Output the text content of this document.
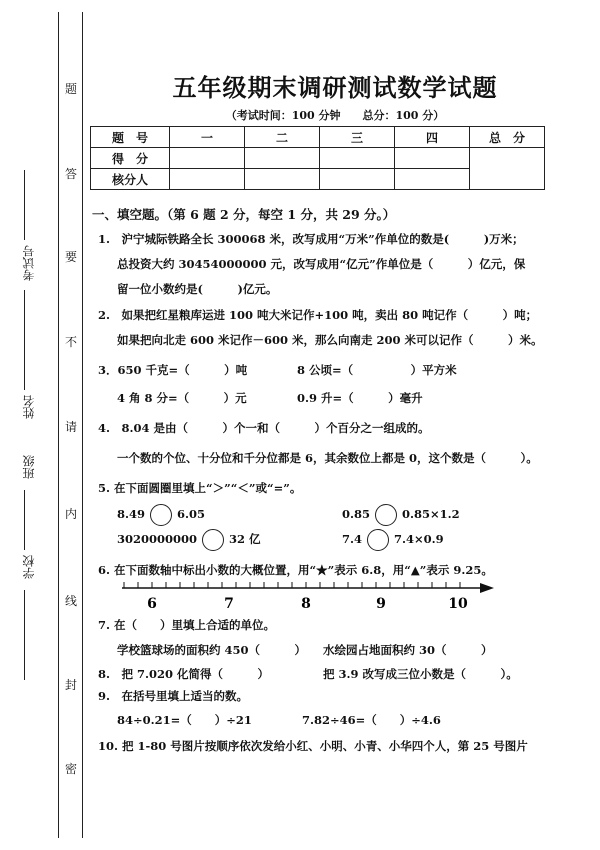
题
答
要
不
请
内
线
封
密
考试号
姓名
班级
学校
五年级期末调研测试数学试题
（考试时间：100 分钟　　总分：100 分）
题　号	一	二	三	四	总　分
得　分					
核分人					
一、填空题。（第 6 题 2 分，每空 1 分，共 29 分。）
1.　沪宁城际铁路全长 300068 米，改写成用“万米”作单位的数是(　　　)万米；
总投资大约 30454000000 元，改写成用“亿元”作单位是（　　　）亿元，保
留一位小数约是(　　　)亿元。
2.　如果把红星粮库运进 100 吨大米记作+100 吨，卖出 80 吨记作（　　　）吨；
如果把向北走 600 米记作－600 米，那么向南走 200 米可以记作（　　　）米。
3．650 千克=（　　　）吨	8 公顷=（　　　　　）平方米
4 角 8 分=（　　　）元	0.9 升=（　　　）毫升
4.　8.04 是由（　　　）个一和（　　　）个百分之一组成的。
一个数的个位、十分位和千分位都是 6，其余数位上都是 0，这个数是（　　　）。
5. 在下面圆圈里填上“＞”“＜”或“=”。
8.49	6.05	0.85	0.85×1.2
3020000000	32 亿	7.4	7.4×0.9
6. 在下面数轴中标出小数的大概位置，用“★”表示 6.8，用“▲”表示 9.25。
6	7	8	9	10
7. 在（　　）里填上合适的单位。
学校篮球场的面积约 450（　　　） 水绘园占地面积约 30（　　　）
8.　把 7.020 化简得（　　　）	把 3.9 改写成三位小数是（　　　）。
9.　在括号里填上适当的数。
84÷0.21=（　　）÷21	7.82÷46=（　　）÷4.6
10. 把 1-80 号图片按顺序依次发给小红、小明、小青、小华四个人，第 25 号图片
